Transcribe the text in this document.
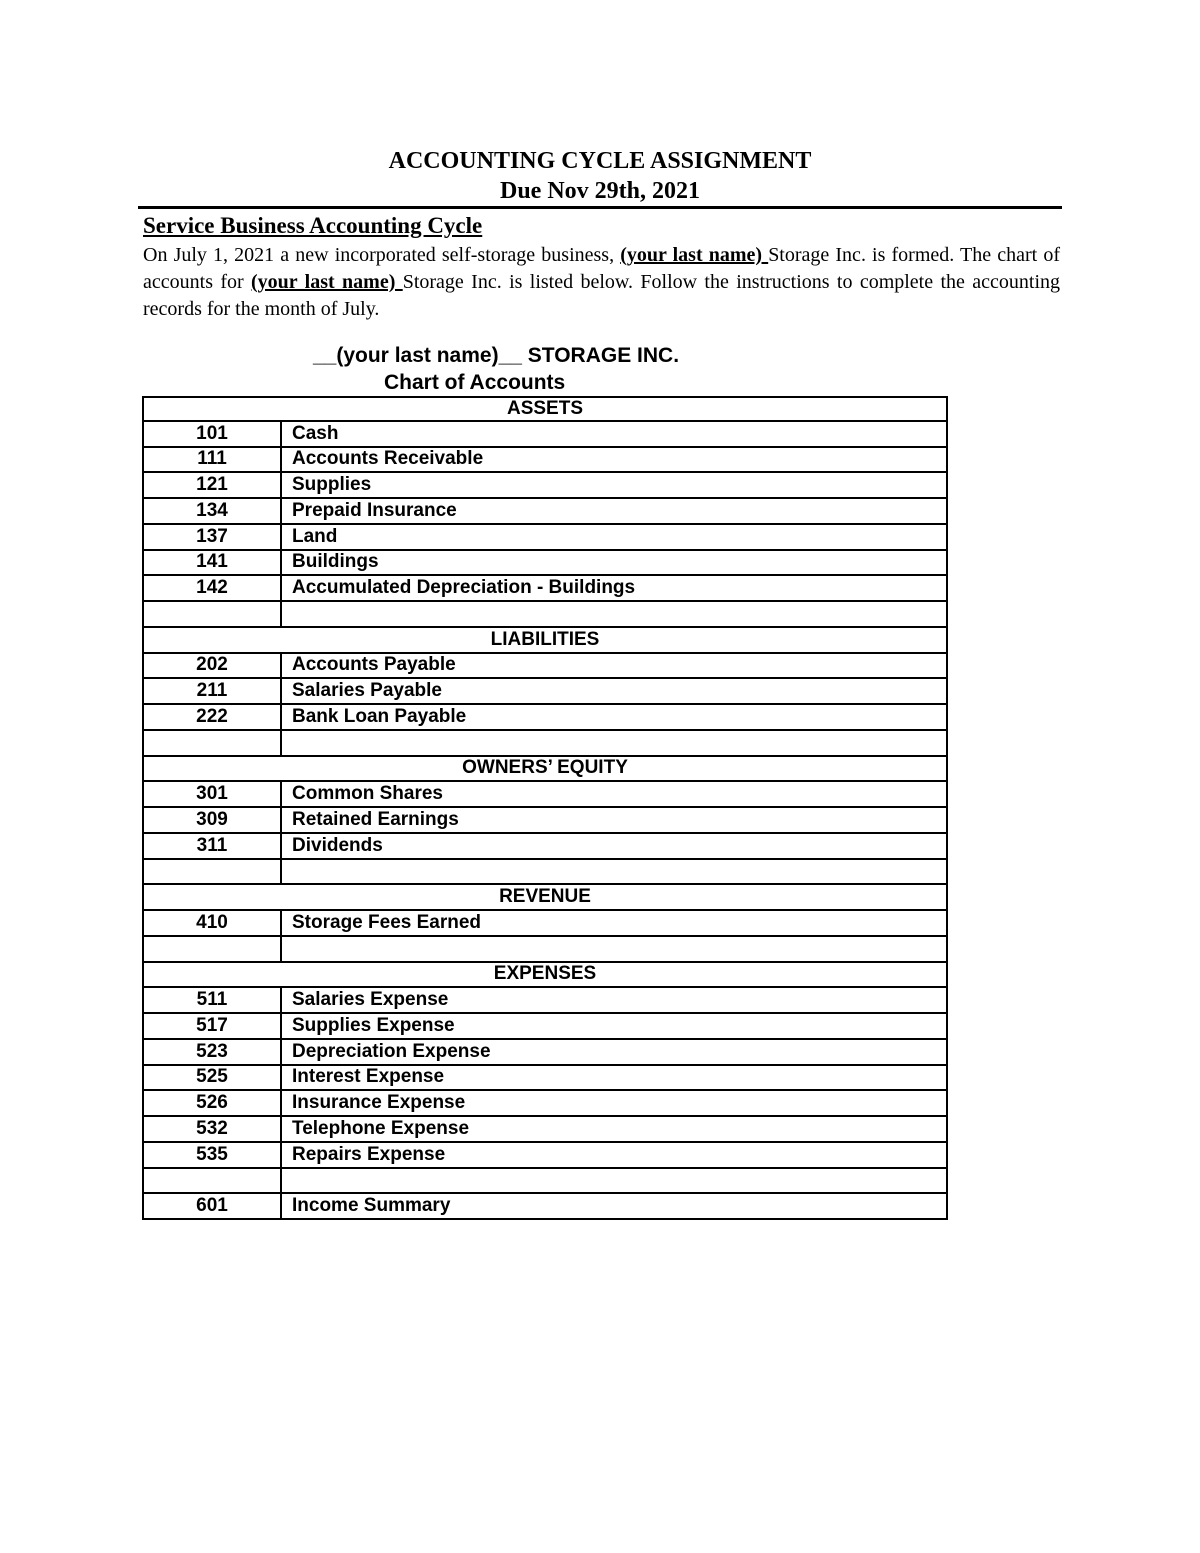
ACCOUNTING CYCLE ASSIGNMENT
Due Nov 29th, 2021
Service Business Accounting Cycle
On July 1, 2021 a new incorporated self-storage business, (your last name) Storage Inc. is formed. The chart of accounts for (your last name) Storage Inc. is listed below. Follow the instructions to complete the accounting records for the month of July.
__(your last name)__ STORAGE INC.
Chart of Accounts
ASSETS
101	Cash
111	Accounts Receivable
121	Supplies
134	Prepaid Insurance
137	Land
141	Buildings
142	Accumulated Depreciation - Buildings
LIABILITIES
202	Accounts Payable
211	Salaries Payable
222	Bank Loan Payable
OWNERS’ EQUITY
301	Common Shares
309	Retained Earnings
311	Dividends
REVENUE
410	Storage Fees Earned
EXPENSES
511	Salaries Expense
517	Supplies Expense
523	Depreciation Expense
525	Interest Expense
526	Insurance Expense
532	Telephone Expense
535	Repairs Expense
601	Income Summary
